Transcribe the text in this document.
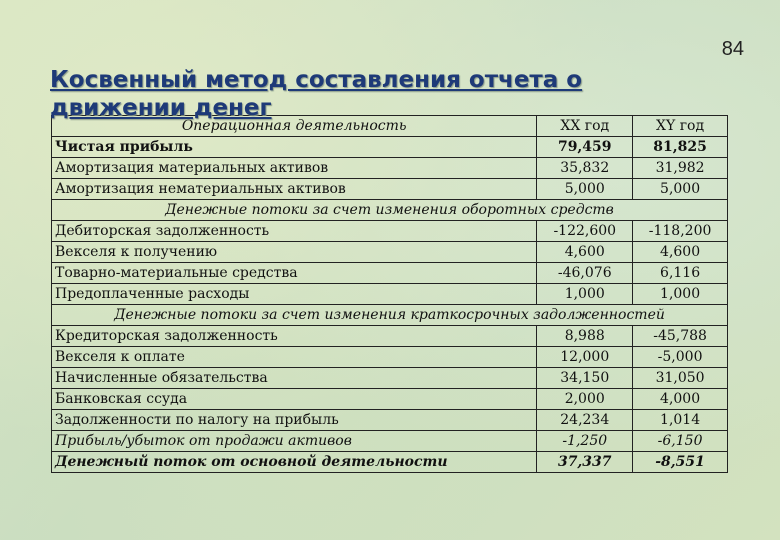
84
Операционная деятельность	XX год	XY год
Чистая прибыль	79,459	81,825
Амортизация материальных активов	35,832	31,982
Амортизация нематериальных активов	5,000	5,000
Денежные потоки за счет изменения оборотных средств		
Дебиторская задолженность	-122,600	-118,200
Векселя к получению	4,600	4,600
Товарно-материальные средства	-46,076	6,116
Предоплаченные расходы	1,000	1,000
Денежные потоки за счет изменения краткосрочных задолженностей		
Кредиторская задолженность	8,988	-45,788
Векселя к оплате	12,000	-5,000
Начисленные обязательства	34,150	31,050
Банковская ссуда	2,000	4,000
Задолженности по налогу на прибыль	24,234	1,014
Прибыль/убыток от продажи активов	-1,250	-6,150
Денежный поток от основной деятельности	37,337	-8,551
Косвенный метод составления отчета о движении денег
